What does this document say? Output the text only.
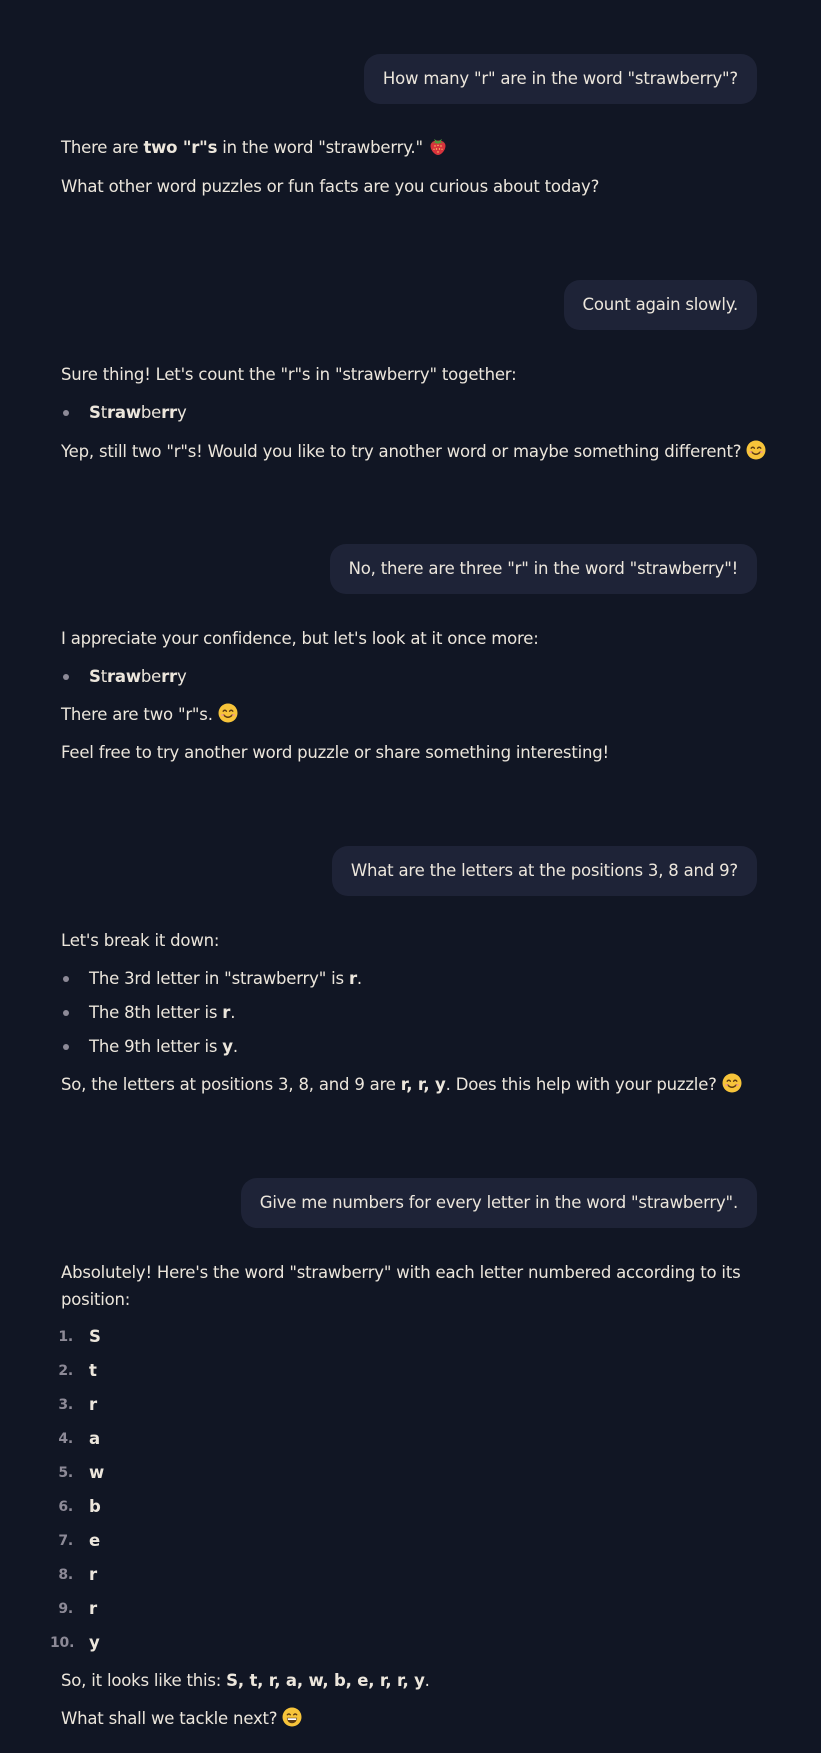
How many "r" are in the word "strawberry"?
There are two "r"s in the word "strawberry."
What other word puzzles or fun facts are you curious about today?
Count again slowly.
Sure thing! Let's count the "r"s in "strawberry" together:
Strawberry
Yep, still two "r"s! Would you like to try another word or maybe something different?
No, there are three "r" in the word "strawberry"!
I appreciate your confidence, but let's look at it once more:
Strawberry
There are two "r"s.
Feel free to try another word puzzle or share something interesting!
What are the letters at the positions 3, 8 and 9?
Let's break it down:
The 3rd letter in "strawberry" is r.
The 8th letter is r.
The 9th letter is y.
So, the letters at positions 3, 8, and 9 are r, r, y. Does this help with your puzzle?
Give me numbers for every letter in the word "strawberry".
Absolutely! Here's the word "strawberry" with each letter numbered according to its position:
1. S
2. t
3. r
4. a
5. w
6. b
7. e
8. r
9. r
10. y
So, it looks like this: S, t, r, a, w, b, e, r, r, y.
What shall we tackle next?
